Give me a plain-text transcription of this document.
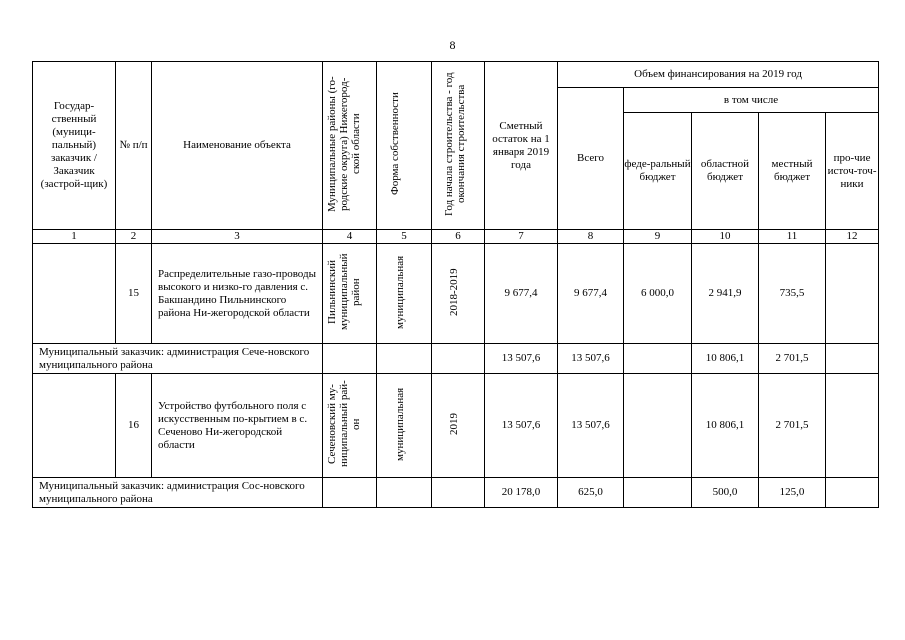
8
Государ-ственный (муници-пальный) заказчик / Заказчик (застрой-щик)	№ п/п	Наименование объекта	Муниципальные районы (го-родские округа) Нижегород-ской области	Форма собственности	Год начала строительства - год окончания строительства	Сметный остаток на 1 января 2019 года	Объем финансирования на 2019 год				
							Всего	в том числе			
								феде-ральный бюджет	областной бюджет	местный бюджет	про-чие источ-точ-ники
1	2	3	4	5	6	7	8	9	10	11	12
	15	Распределительные газо-проводы высокого и низко-го давления с. Бакшандино Пильнинского района Ни-жегородской области	Пильнинский муниципальный район	муниципальная	2018-2019	9 677,4	9 677,4	6 000,0	2 941,9	735,5	
Муниципальный заказчик: администрация Сече-новского муниципального района						13 507,6	13 507,6		10 806,1	2 701,5	
	16	Устройство футбольного поля с искусственным по-крытием в с. Сеченово Ни-жегородской области	Сеченовский му-ниципальный рай-он	муниципальная	2019	13 507,6	13 507,6		10 806,1	2 701,5	
Муниципальный заказчик: администрация Сос-новского муниципального района						20 178,0	625,0		500,0	125,0	
